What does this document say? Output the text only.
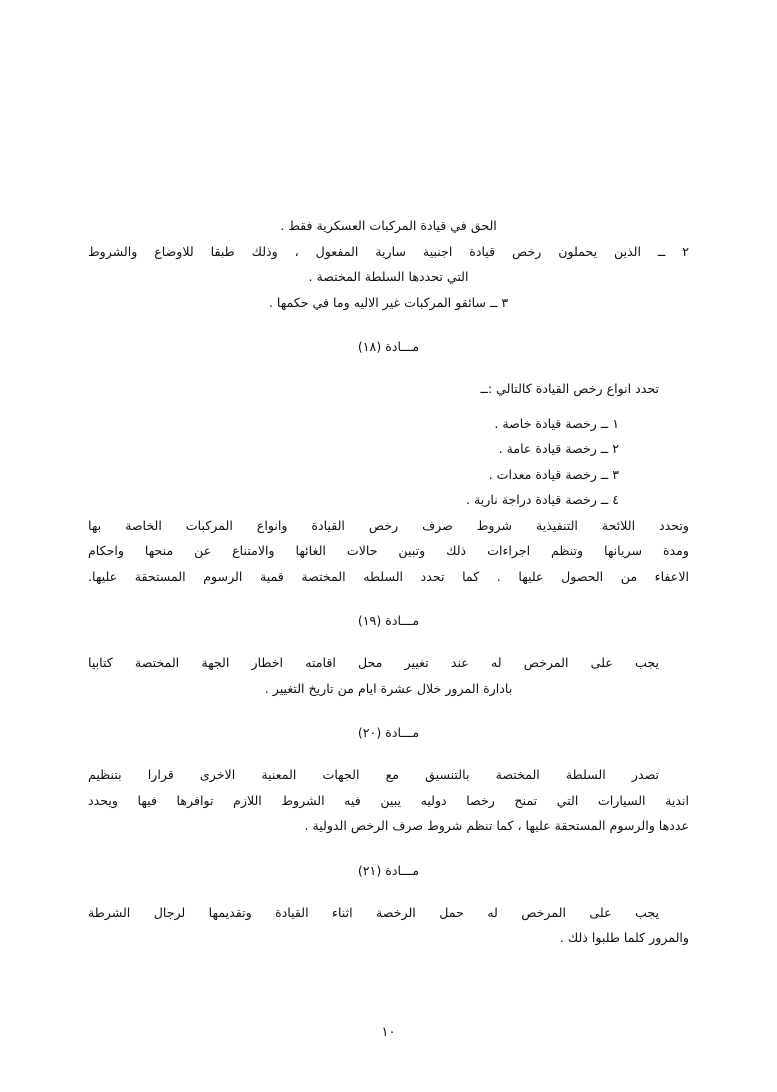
الحق في قيادة المركبات العسكرية فقط .
٢ ــ الذين يحملون رخص قيادة اجنبية سارية المفعول ، وذلك طبقا للاوضاع والشروط
التي تحددها السلطة المختصة .
٣ ــ سائقو المركبات غير الاليه وما في حكمها .
مـــادة (١٨)
تحدد انواع رخص القيادة كالتالي :ــ
١ ــ رخصة قيادة خاصة .
٢ ــ رخصة قيادة عامة .
٣ ــ رخصة قيادة معدات .
٤ ــ رخصة قيادة دراجة نارية .
وتحدد اللائحة التنفيذية شروط صرف رخص القيادة وانواع المركبات الخاصة بها
ومدة سريانها وتنظم اجراءات ذلك وتبين حالات الغائها والامتناع عن منحها واحكام
الاعفاء من الحصول عليها . كما تحدد السلطه المختصة قمية الرسوم المستحقة عليها.
مـــادة (١٩)
يجب على المرخص له عند تغيير محل اقامته اخطار الجهة المختصة كتابيا
بادارة المرور خلال عشرة ايام من تاريخ التغيير .
مـــادة (٢٠)
تصدر السلطة المختصة بالتنسيق مع الجهات المعنية الاخرى قرارا بتنظيم
اندية السيارات التي تمنح رخصا دوليه يبين فيه الشروط اللازم توافرها فيها ويحدد
عددها والرسوم المستحقة عليها ، كما تنظم شروط صرف الرخص الدولية .
مـــادة (٢١)
يجب على المرخص له حمل الرخصة اثناء القيادة وتقديمها لرجال الشرطة
والمرور كلما طلبوا ذلك .
١٠
